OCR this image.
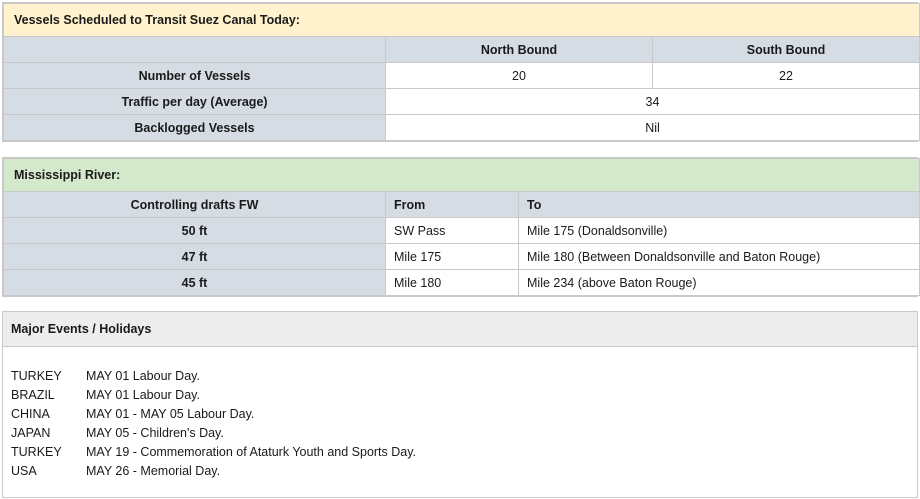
Vessels Scheduled to Transit Suez Canal Today:		
	North Bound	South Bound
Number of Vessels	20	22
Traffic per day (Average)	34	
Backlogged Vessels	Nil	
Mississippi River:		
Controlling drafts FW	From	To
50 ft	SW Pass	Mile 175 (Donaldsonville)
47 ft	Mile 175	Mile 180 (Between Donaldsonville and Baton Rouge)
45 ft	Mile 180	Mile 234 (above Baton Rouge)
Major Events / Holidays
TURKEY MAY 01 Labour Day.
BRAZIL MAY 01 Labour Day.
CHINA	MAY 01 - MAY 05 Labour Day.
JAPAN	MAY 05 - Children's Day.
TURKEY MAY 19 - Commemoration of Ataturk Youth and Sports Day.
USA	MAY 26 - Memorial Day.
